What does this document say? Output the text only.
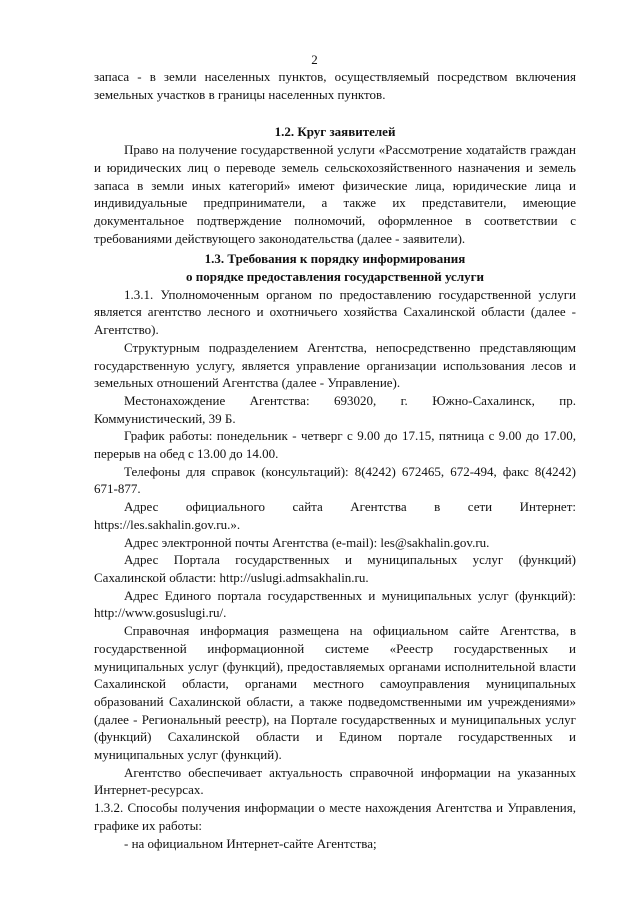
2

запаса - в земли населенных пунктов, осуществляемый посредством включения земельных участков в границы населенных пунктов.

1.2. Круг заявителей

Право на получение государственной услуги «Рассмотрение ходатайств граждан и юридических лиц о переводе земель сельскохозяйственного назначения и земель запаса в земли иных категорий» имеют физические лица, юридические лица и индивидуальные предприниматели, а также их представители, имеющие документальное подтверждение полномочий, оформленное в соответствии с требованиями действующего законодательства (далее - заявители).

1.3. Требования к порядку информирования

о порядке предоставления государственной услуги

1.3.1. Уполномоченным органом по предоставлению государственной услуги является агентство лесного и охотничьего хозяйства Сахалинской области (далее - Агентство).

Структурным подразделением Агентства, непосредственно представляющим государственную услугу, является управление организации использования лесов и земельных отношений Агентства (далее - Управление).

Местонахождение Агентства: 693020, г. Южно-Сахалинск, пр. Коммунистический, 39 Б.

График работы: понедельник - четверг с 9.00 до 17.15, пятница с 9.00 до 17.00, перерыв на обед с 13.00 до 14.00.

Телефоны для справок (консультаций): 8(4242) 672465, 672-494, факс 8(4242) 671-877.

Адрес официального сайта Агентства в сети Интернет:

https://les.sakhalin.gov.ru.».

Адрес электронной почты Агентства (e-mail): les@sakhalin.gov.ru.

Адрес Портала государственных и муниципальных услуг (функций) Сахалинской области: http://uslugi.admsakhalin.ru.

Адрес Единого портала государственных и муниципальных услуг (функций): http://www.gosuslugi.ru/.

Справочная информация размещена на официальном сайте Агентства, в государственной информационной системе «Реестр государственных и муниципальных услуг (функций), предоставляемых органами исполнительной власти Сахалинской области, органами местного самоуправления муниципальных образований Сахалинской области, а также подведомственными им учреждениями» (далее - Региональный реестр), на Портале государственных и муниципальных услуг (функций) Сахалинской области и Едином портале государственных и муниципальных услуг (функций).

Агентство обеспечивает актуальность справочной информации на указанных Интернет-ресурсах.

1.3.2. Способы получения информации о месте нахождения Агентства и Управления, графике их работы:

- на официальном Интернет-сайте Агентства;
